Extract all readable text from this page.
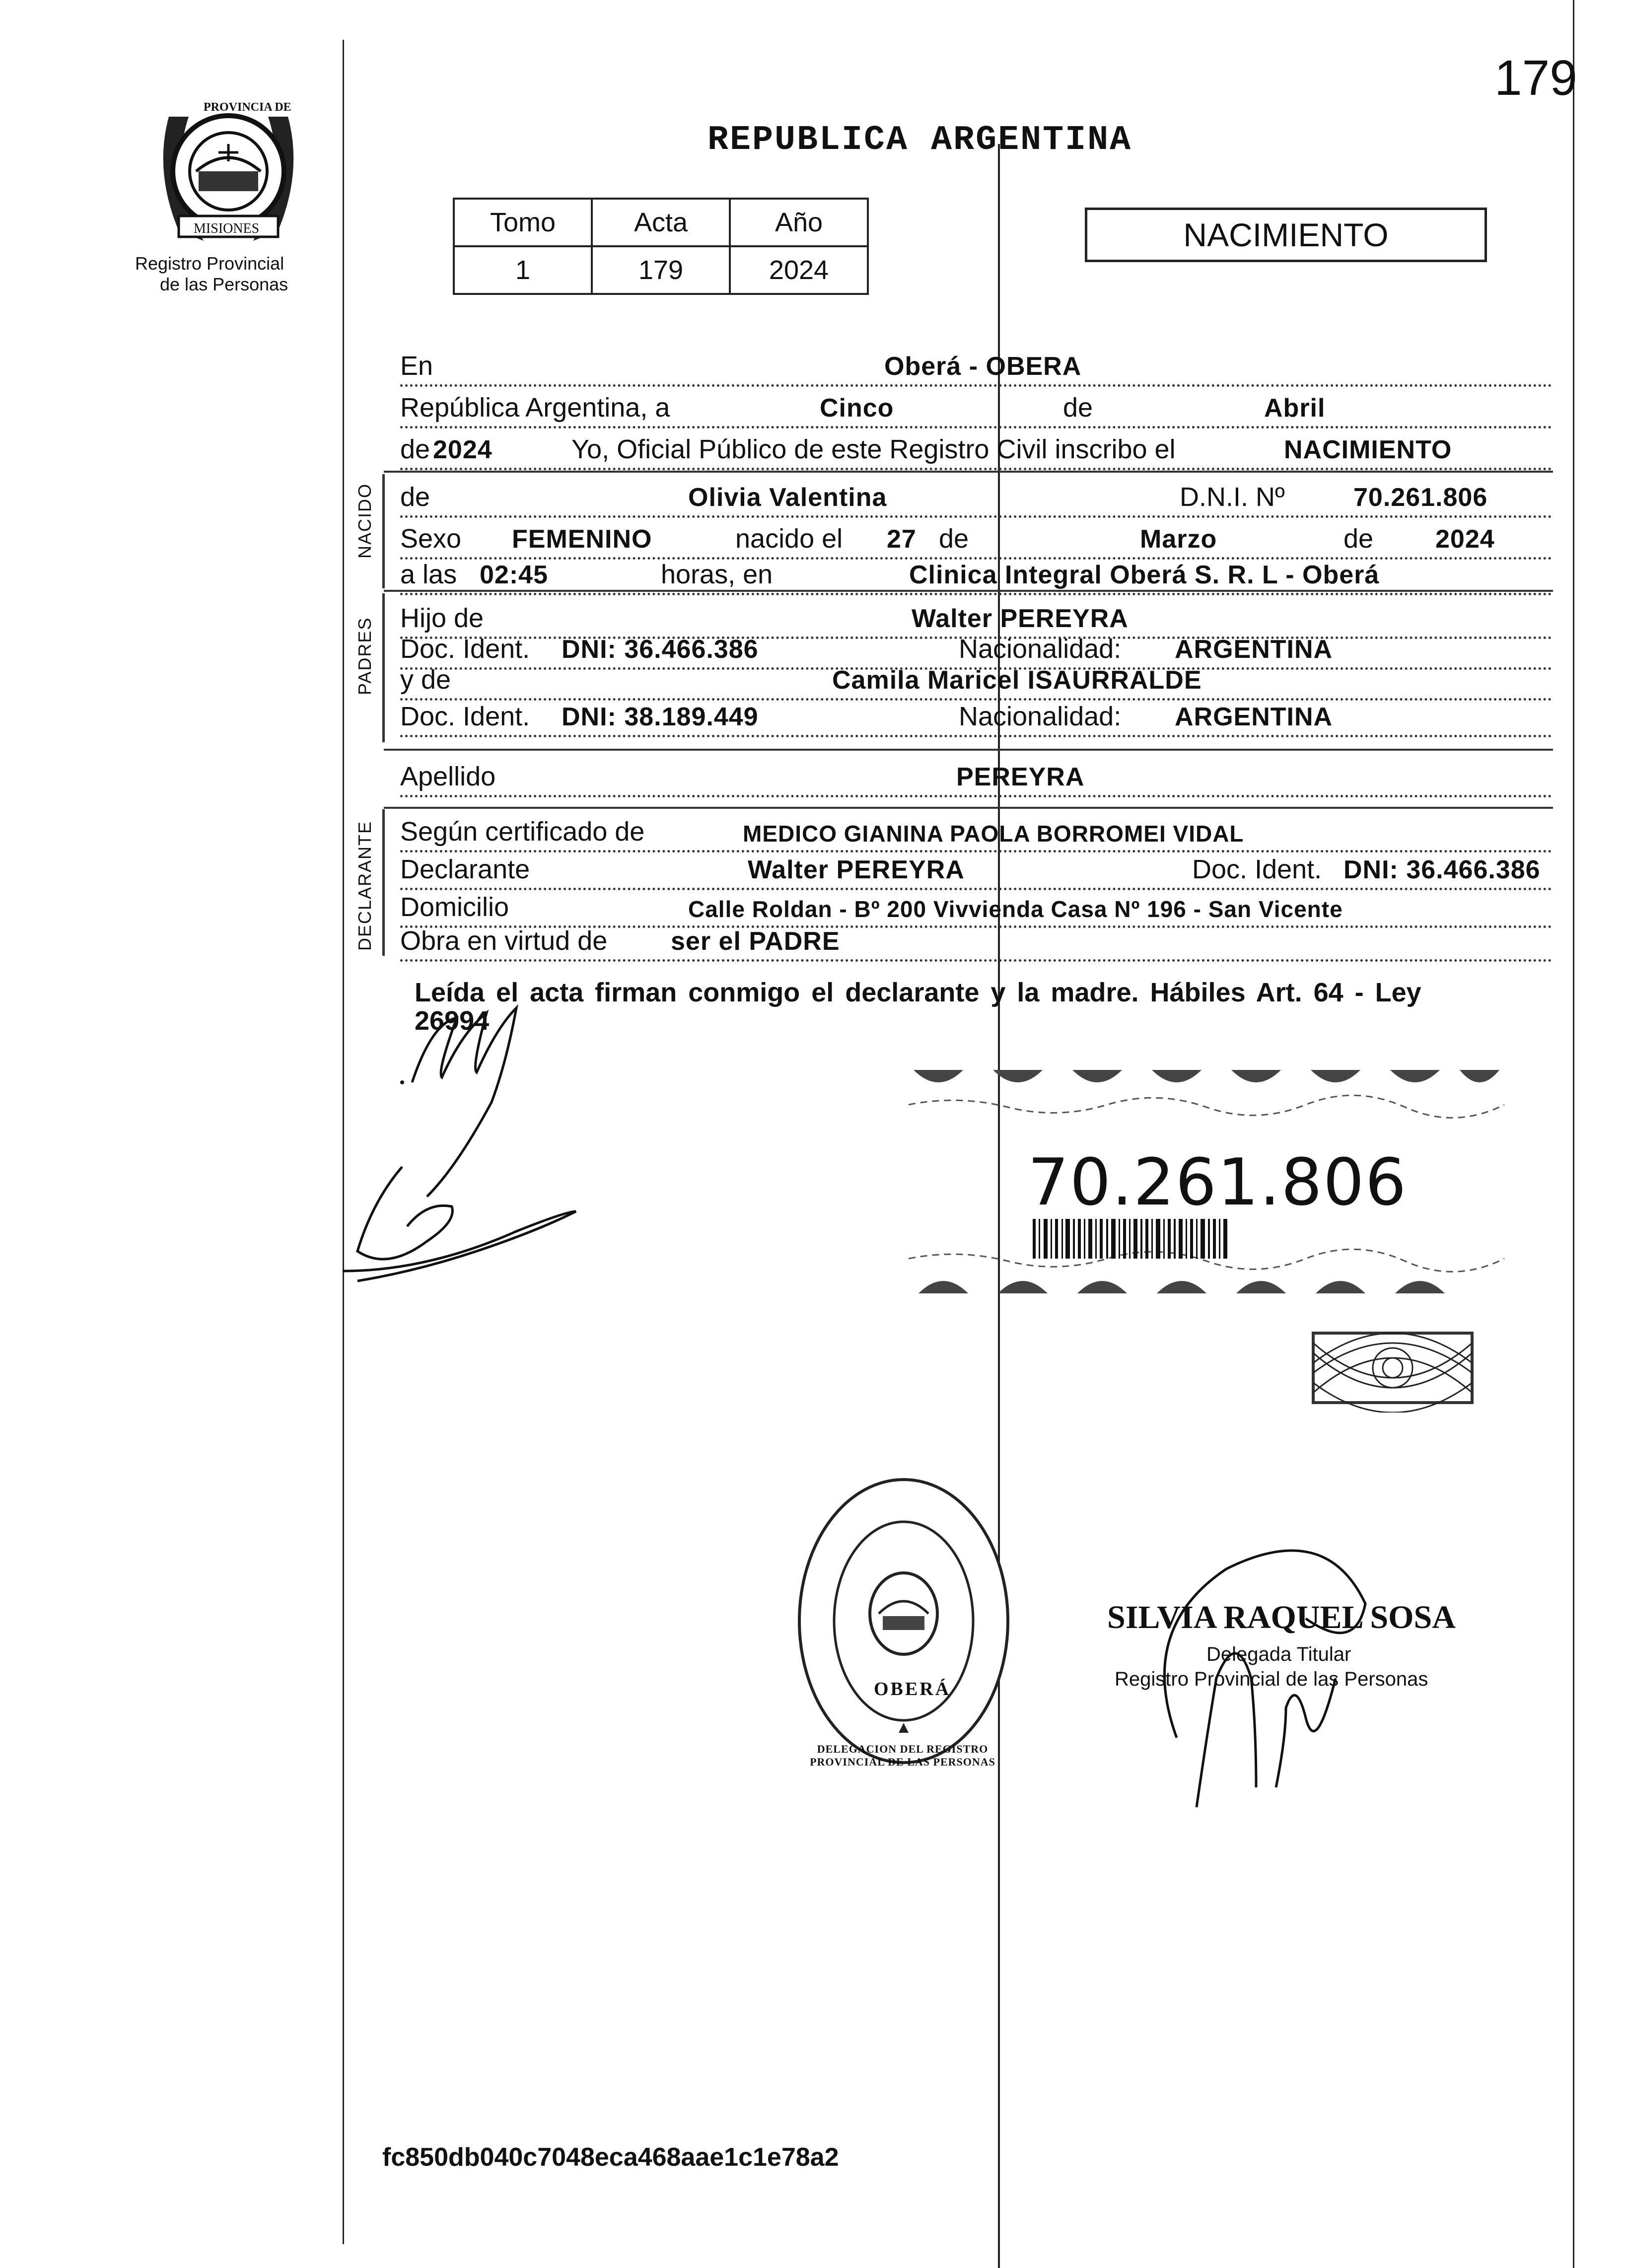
179
PROVINCIA DE
MISIONES
Registro Provincial
de las Personas
REPUBLICA ARGENTINA
Tomo	Acta	Año
1	179	2024
NACIMIENTO
NACIDO
PADRES
DECLARANTE
En	Oberá - OBERA
República Argentina, a	Cinco	de	Abril
de 2024	Yo, Oficial Público de este Registro Civil inscribo el	NACIMIENTO
de	Olivia Valentina	D.N.I. Nº	70.261.806
Sexo FEMENINO	nacido el 27 de	Marzo	de 2024
a las 02:45	horas, en	Clinica Integral Oberá S. R. L - Oberá
Hijo de	Walter PEREYRA
Doc. Ident. DNI: 36.466.386	Nacionalidad: ARGENTINA
y de	Camila Maricel ISAURRALDE
Doc. Ident. DNI: 38.189.449	Nacionalidad: ARGENTINA
Apellido	PEREYRA
Según certificado de	MEDICO GIANINA PAOLA BORROMEI VIDAL
Declarante	Walter PEREYRA	Doc. Ident. DNI: 36.466.386
Domicilio	Calle Roldan - Bº 200 Vivvienda Casa Nº 196 - San Vicente
Obra en virtud de ser el PADRE
Leída el acta firman conmigo el declarante y la madre. Hábiles Art. 64 - Ley
26994
70.261.806
DELEGACION DEL REGISTRO PROVINCIAL DE LAS PERSONAS
OBERÁ
SILVIA RAQUEL SOSA
Delegada Titular
Registro Provincial de las Personas
fc850db040c7048eca468aae1c1e78a2
